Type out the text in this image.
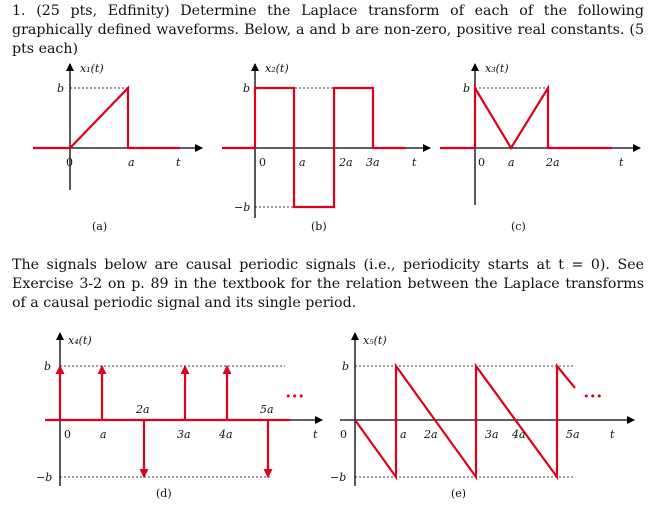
1. (25 pts, Edfinity) Determine the Laplace transform of each of the following graphically defined waveforms. Below, a and b are non-zero, positive real constants. (5 pts each)
The signals below are causal periodic signals (i.e., periodicity starts at t = 0). See Exercise 3-2 on p. 89 in the textbook for the relation between the Laplace transforms of a causal periodic signal and its single period.
x₁(t)
b
0	a	t
(a)
x₂(t)
b
−b
0	a	2a 3a	t
(b)
x₃(t)
b
0 a	2a	t
(c)
x₄(t)
b
−b
0	a
2a
3a	4a
5a
t
•••
(d)
x₅(t)
b
−b
0	a 2a	3a 4a	5a	t
•••
(e)
